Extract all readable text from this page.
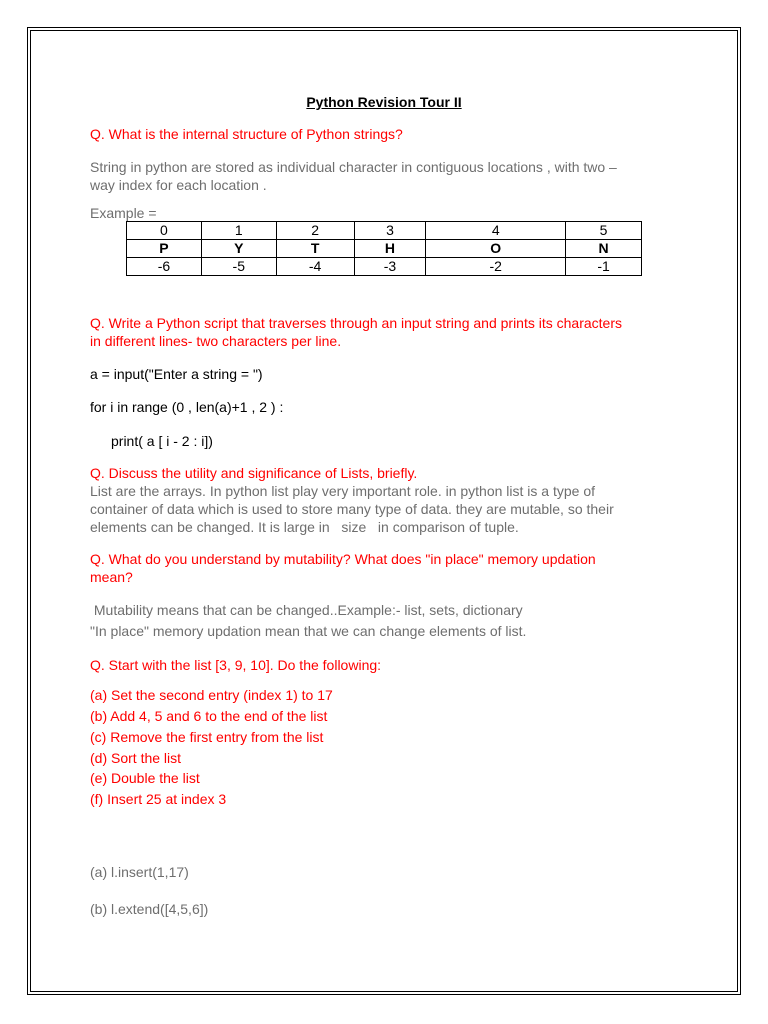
Python Revision Tour II
Q. What is the internal structure of Python strings?
String in python are stored as individual character in contiguous locations , with two –
way index for each location .
Example =
0	1	2	3	4	5
P	Y	T	H	O	N
-6	-5	-4	-3	-2	-1
Q. Write a Python script that traverses through an input string and prints its characters
in different lines- two characters per line.
a = input("Enter a string = ")
for i in range (0 , len(a)+1 , 2 ) :
print( a [ i - 2 : i])
Q. Discuss the utility and significance of Lists, briefly.
List are the arrays. In python list play very important role. in python list is a type of
container of data which is used to store many type of data. they are mutable, so their
elements can be changed. It is large in   size   in comparison of tuple.
Q. What do you understand by mutability? What does "in place" memory updation
mean?
Mutability means that can be changed..Example:- list, sets, dictionary
"In place" memory updation mean that we can change elements of list.
Q. Start with the list [3, 9, 10]. Do the following:
(a) Set the second entry (index 1) to 17
(b) Add 4, 5 and 6 to the end of the list
(c) Remove the first entry from the list
(d) Sort the list
(e) Double the list
(f) Insert 25 at index 3
(a) l.insert(1,17)
(b) l.extend([4,5,6])
